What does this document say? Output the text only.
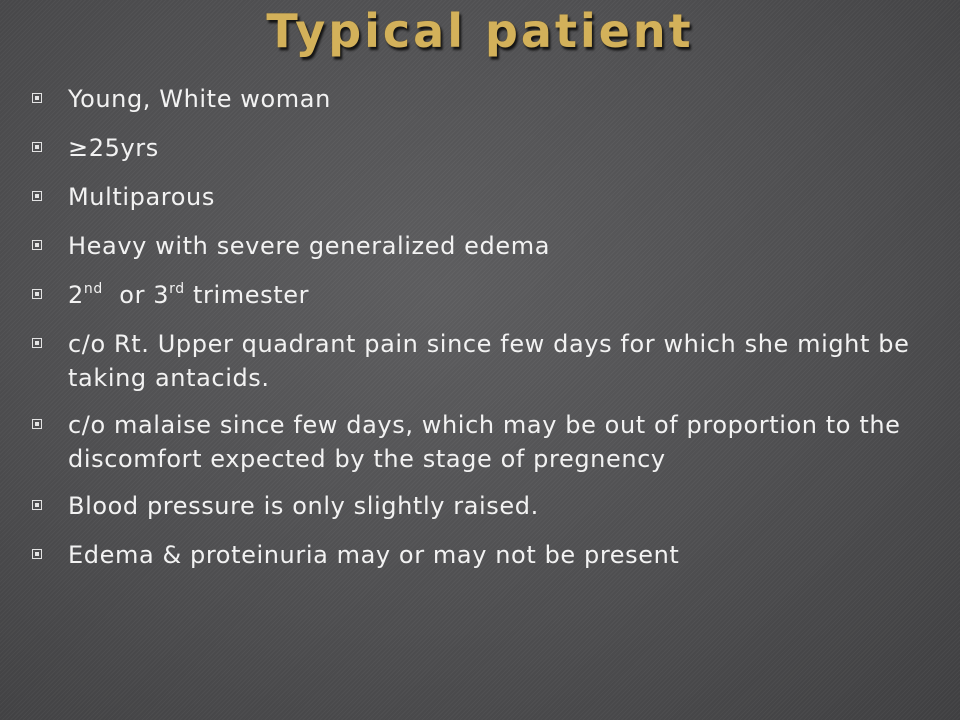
Typical patient
Young, White woman
≥25yrs
Multiparous
Heavy with severe generalized edema
2nd  or 3rd trimester
c/o Rt. Upper quadrant pain since few days for which she might be taking antacids.
c/o malaise since few days, which may be out of proportion to the discomfort expected by the stage of pregnency
Blood pressure is only slightly raised.
Edema & proteinuria may or may not be present
